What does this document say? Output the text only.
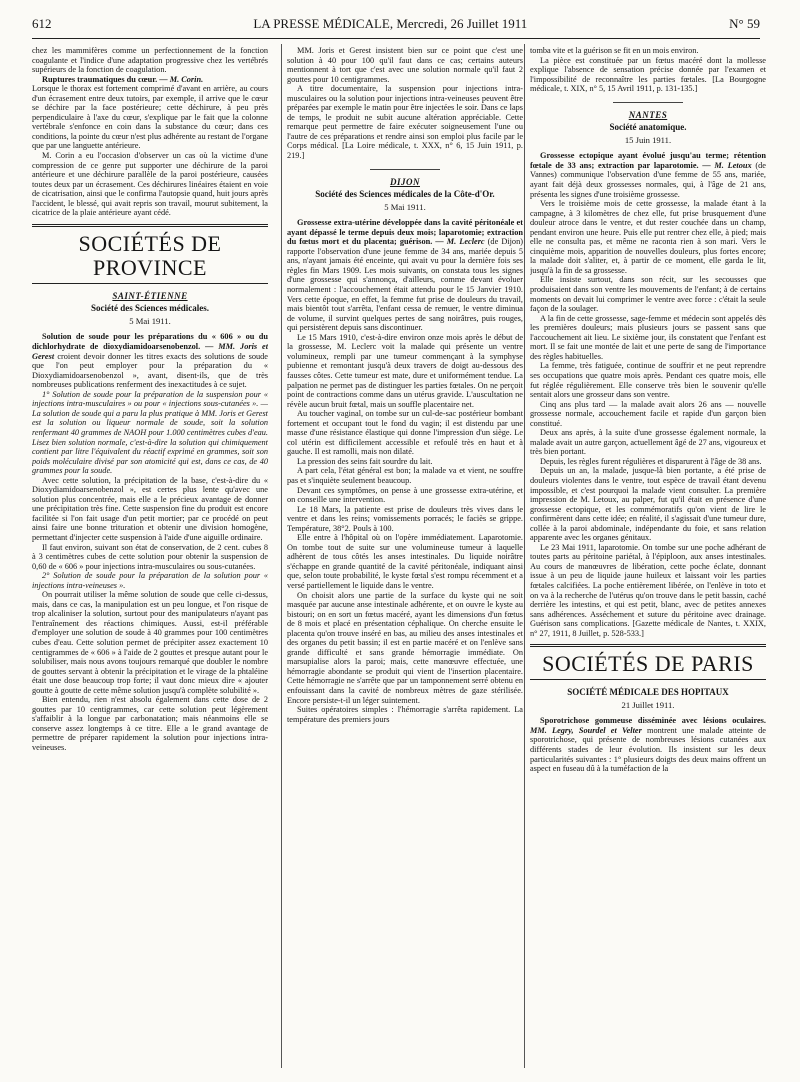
612	LA PRESSE MÉDICALE, Mercredi, 26 Juillet 1911	N° 59

chez les mammifères comme un perfectionnement de la fonction coagulante et l'indice d'une adaptation progressive chez les vertébrés supérieurs de la fonction de coagulation.

Ruptures traumatiques du cœur. — M. Corin.

Lorsque le thorax est fortement comprimé d'avant en arrière, au cours d'un écrasement entre deux tutoirs, par exemple, il arrive que le cœur se déchire par la face postérieure; cette déchirure, à peu près perpendiculaire à l'axe du cœur, s'explique par le fait que la colonne vertébrale s'enfonce en coin dans la substance du cœur; dans ces conditions, la pointe du cœur n'est plus adhérente au restant de l'organe que par une languette antérieure.

M. Corin a eu l'occasion d'observer un cas où la victime d'une compression de ce genre put supporter une déchirure de la paroi antérieure et une déchirure parallèle de la paroi postérieure, causées toutes deux par un écrasement. Ces déchirures linéaires étaient en voie de cicatrisation, ainsi que le confirma l'autopsie quand, huit jours après l'accident, le blessé, qui avait repris son travail, mourut subitement, la cicatrice de la plaie antérieure ayant cédé.

SOCIÉTÉS DE PROVINCE
SAINT-ÉTIENNE
Société des Sciences médicales.
5 Mai 1911.

Solution de soude pour les préparations du « 606 » ou du dichlorhydrate de dioxydiamidoarsenobenzol. — MM. Joris et Gerest croient devoir donner les titres exacts des solutions de soude que l'on peut employer pour la préparation du « Dioxydiamidoarsenobenzol », avant, disent-ils, que de très nombreuses publications renferment des inexactitudes à ce sujet.

1° Solution de soude pour la préparation de la suspension pour « injections intra-musculaires » ou pour « injections sous-cutanées ». — La solution de soude qui a paru la plus pratique à MM. Joris et Gerest est la solution ou liqueur normale de soude, soit la solution renfermant 40 grammes de NAOH pour 1.000 centimètres cubes d'eau. Lisez bien solution normale, c'est-à-dire la solution qui chimiquement contient par litre l'équivalent du réactif exprimé en grammes, soit son poids moléculaire divisé par son atomicité qui est, dans ce cas, de 40 grammes pour la soude.

Avec cette solution, la précipitation de la base, c'est-à-dire du « Dioxydiamidoarsenobenzol », est certes plus lente qu'avec une solution plus concentrée, mais elle a le précieux avantage de donner une précipitation très fine. Cette suspension fine du produit est encore facilitée si l'on fait usage d'un petit mortier; par ce procédé on peut ainsi faire une bonne trituration et obtenir une division homogène, permettant d'injecter cette suspension à l'aide d'une aiguille ordinaire.

Il faut environ, suivant son état de conservation, de 2 cent. cubes 8 à 3 centimètres cubes de cette solution pour obtenir la suspension de 0,60 de « 606 » pour injections intra-musculaires ou sous-cutanées.

2° Solution de soude pour la préparation de la solution pour « injections intra-veineuses ».

On pourrait utiliser la même solution de soude que celle ci-dessus, mais, dans ce cas, la manipulation est un peu longue, et l'on risque de trop alcaliniser la solution, surtout pour des manipulateurs n'ayant pas l'entraînement des réactions chimiques. Aussi, est-il préférable d'employer une solution de soude à 40 grammes pour 100 centimètres cubes d'eau. Cette solution permet de précipiter assez exactement 10 centigrammes de « 606 » à l'aide de 2 gouttes et presque autant pour le solubiliser, mais nous avons toujours remarqué que doubler le nombre de gouttes servant à obtenir la précipitation et le virage de la phtaléine était une dose beaucoup trop forte; il vaut donc mieux dire « ajouter goutte à goutte de cette même solution jusqu'à complète solubilité ».

Bien entendu, rien n'est absolu également dans cette dose de 2 gouttes par 10 centigrammes, car cette solution peut légèrement s'affaiblir à la longue par carbonatation; mais néanmoins elle se conserve assez longtemps à ce titre. Elle a le grand avantage de permettre de préparer rapidement la solution pour injections intra-veineuses.

MM. Joris et Gerest insistent bien sur ce point que c'est une solution à 40 pour 100 qu'il faut dans ce cas; certains auteurs mentionnent à tort que c'est avec une solution normale qu'il faut 2 gouttes pour 10 centigrammes.

A titre documentaire, la suspension pour injections intra-musculaires ou la solution pour injections intra-veineuses peuvent être préparées par exemple le matin pour être injectées le soir. Dans ce laps de temps, le produit ne subit aucune altération appréciable. Cette remarque peut permettre de faire exécuter soigneusement l'une ou l'autre de ces préparations et rendre ainsi son emploi plus facile par le Corps médical. [La Loire médicale, t. XXX, n° 6, 15 Juin 1911, p. 219.]

DIJON
Société des Sciences médicales de la Côte-d'Or.
5 Mai 1911.

Grossesse extra-utérine développée dans la cavité péritonéale et ayant dépassé le terme depuis deux mois; laparotomie; extraction du fœtus mort et du placenta; guérison. — M. Leclerc (de Dijon) rapporte l'observation d'une jeune femme de 34 ans, mariée depuis 5 ans, n'ayant jamais été enceinte, qui avait vu pour la dernière fois ses règles fin Mars 1909. Les mois suivants, on constata tous les signes d'une grossesse qui s'annonça, d'ailleurs, comme devant évoluer normalement : l'accouchement était attendu pour le 15 Janvier 1910. Vers cette époque, en effet, la femme fut prise de douleurs du travail, mais bientôt tout s'arrêta, l'enfant cessa de remuer, le ventre diminua de volume, il survint quelques pertes de sang noirâtres, puis rouges, qui persistèrent depuis sans discontinuer.

Le 15 Mars 1910, c'est-à-dire environ onze mois après le début de la grossesse, M. Leclerc voit la malade qui présente un ventre volumineux, rempli par une tumeur commençant à la symphyse pubienne et remontant jusqu'à deux travers de doigt au-dessous des fausses côtes. Cette tumeur est mate, dure et uniformément tendue. La palpation ne permet pas de distinguer les parties fœtales. On ne perçoit point de contractions comme dans un utérus gravide. L'auscultation ne révèle aucun bruit fœtal, mais un souffle placentaire net.

Au toucher vaginal, on tombe sur un cul-de-sac postérieur bombant fortement et occupant tout le fond du vagin; il est distendu par une masse d'une résistance élastique qui donne l'impression d'un siège. Le col utérin est difficilement accessible et refoulé très en haut et à gauche. Il est ramolli, mais non dilaté.

La pression des seins fait sourdre du lait.

A part cela, l'état général est bon; la malade va et vient, ne souffre pas et s'inquiète seulement beaucoup.

Devant ces symptômes, on pense à une grossesse extra-utérine, et on conseille une intervention.

Le 18 Mars, la patiente est prise de douleurs très vives dans le ventre et dans les reins; vomissements porracés; le faciès se grippe. Température, 38°2. Pouls à 100.

Elle entre à l'hôpital où on l'opère immédiatement. Laparotomie. On tombe tout de suite sur une volumineuse tumeur à laquelle adhèrent de tous côtés les anses intestinales. Du liquide noirâtre s'échappe en grande quantité de la cavité péritonéale, indiquant ainsi que, selon toute probabilité, le kyste fœtal s'est rompu récemment et a versé partiellement le liquide dans le ventre.

On choisit alors une partie de la surface du kyste qui ne soit masquée par aucune anse intestinale adhérente, et on ouvre le kyste au bistouri; on en sort un fœtus macéré, ayant les dimensions d'un fœtus de 8 mois et placé en présentation céphalique. On cherche ensuite le placenta qu'on trouve inséré en bas, au milieu des anses intestinales et des organes du petit bassin; il est en partie macéré et on l'enlève sans grande difficulté et sans grande hémorragie immédiate. On marsupialise alors la paroi; mais, cette manœuvre effectuée, une hémorragie abondante se produit qui vient de l'insertion placentaire. Cette hémorragie ne s'arrête que par un tamponnement serré obtenu en enfouissant dans la cavité de nombreux mètres de gaze stérilisée. Encore persiste-t-il un léger suintement.

Suites opératoires simples : l'hémorragie s'arrêta rapidement. La température des premiers jours

tomba vite et la guérison se fit en un mois environ.

La pièce est constituée par un fœtus macéré dont la mollesse explique l'absence de sensation précise donnée par l'examen et l'impossibilité de reconnaître les parties fœtales. [La Bourgogne médicale, t. XIX, n° 5, 15 Avril 1911, p. 131-135.]

NANTES
Société anatomique.
15 Juin 1911.

Grossesse ectopique ayant évolué jusqu'au terme; rétention fœtale de 33 ans; extraction par laparotomie. — M. Letoux (de Vannes) communique l'observation d'une femme de 55 ans, mariée, ayant fait déjà deux grossesses normales, qui, à l'âge de 21 ans, présenta les signes d'une troisième grossesse.

Vers le troisième mois de cette grossesse, la malade étant à la campagne, à 3 kilomètres de chez elle, fut prise brusquement d'une douleur atroce dans le ventre, et dut rester couchée dans un champ, pendant environ une heure. Puis elle put rentrer chez elle, à pied; mais elle ne consulta pas, et même ne raconta rien à son mari. Vers le cinquième mois, apparition de nouvelles douleurs, plus fortes encore; la malade doit s'aliter, et, à partir de ce moment, elle garda le lit, jusqu'à la fin de sa grossesse.

Elle insiste surtout, dans son récit, sur les secousses que produisaient dans son ventre les mouvements de l'enfant; à de certains moments on devait lui comprimer le ventre avec force : c'était la seule façon de la soulager.

A la fin de cette grossesse, sage-femme et médecin sont appelés dès les premières douleurs; mais plusieurs jours se passent sans que l'accouchement ait lieu. Le sixième jour, ils constatent que l'enfant est mort. Il se fait une montée de lait et une perte de sang de l'importance des règles habituelles.

La femme, très fatiguée, continue de souffrir et ne peut reprendre ses occupations que quatre mois après. Pendant ces quatre mois, elle fut réglée régulièrement. Elle conserve très bien le souvenir qu'elle sentait alors une grosseur dans son ventre.

Cinq ans plus tard — la malade avait alors 26 ans — nouvelle grossesse normale, accouchement facile et rapide d'un garçon bien constitué.

Deux ans après, à la suite d'une grossesse également normale, la malade avait un autre garçon, actuellement âgé de 27 ans, vigoureux et très bien portant.

Depuis, les règles furent régulières et disparurent à l'âge de 38 ans.

Depuis un an, la malade, jusque-là bien portante, a été prise de douleurs violentes dans le ventre, tout espèce de travail étant devenu impossible, et c'est pourquoi la malade vient consulter. La première impression de M. Letoux, au palper, fut qu'il était en présence d'une grossesse ectopique, et les commémoratifs qu'on vient de lire le confirmèrent dans cette idée; en réalité, il s'agissait d'une tumeur dure, collée à la paroi abdominale, indépendante du foie, et sans relation apparente avec les organes génitaux.

Le 23 Mai 1911, laparotomie. On tombe sur une poche adhérant de toutes parts au péritoine pariétal, à l'épiploon, aux anses intestinales. Au cours de manœuvres de libération, cette poche éclate, donnant issue à un peu de liquide jaune huileux et laissant voir les parties fœtales calcifiées. La poche entièrement libérée, on l'enlève in toto et on va à la recherche de l'utérus qu'on trouve dans le petit bassin, caché derrière les intestins, et qui est petit, blanc, avec de petites annexes sans adhérences. Asséchement et suture du péritoine avec drainage. Guérison sans complications. [Gazette médicale de Nantes, t. XXIX, n° 27, 1911, 8 Juillet, p. 528-533.]

SOCIÉTÉS DE PARIS
SOCIÉTÉ MÉDICALE DES HOPITAUX
21 Juillet 1911.

Sporotrichose gommeuse disséminée avec lésions oculaires. MM. Legry, Sourdel et Velter montrent une malade atteinte de sporotrichose, qui présente de nombreuses lésions cutanées aux différents stades de leur évolution. Ils insistent sur les deux particularités suivantes : 1° plusieurs doigts des deux mains offrent un aspect en fuseau dû à la tuméfaction de la
